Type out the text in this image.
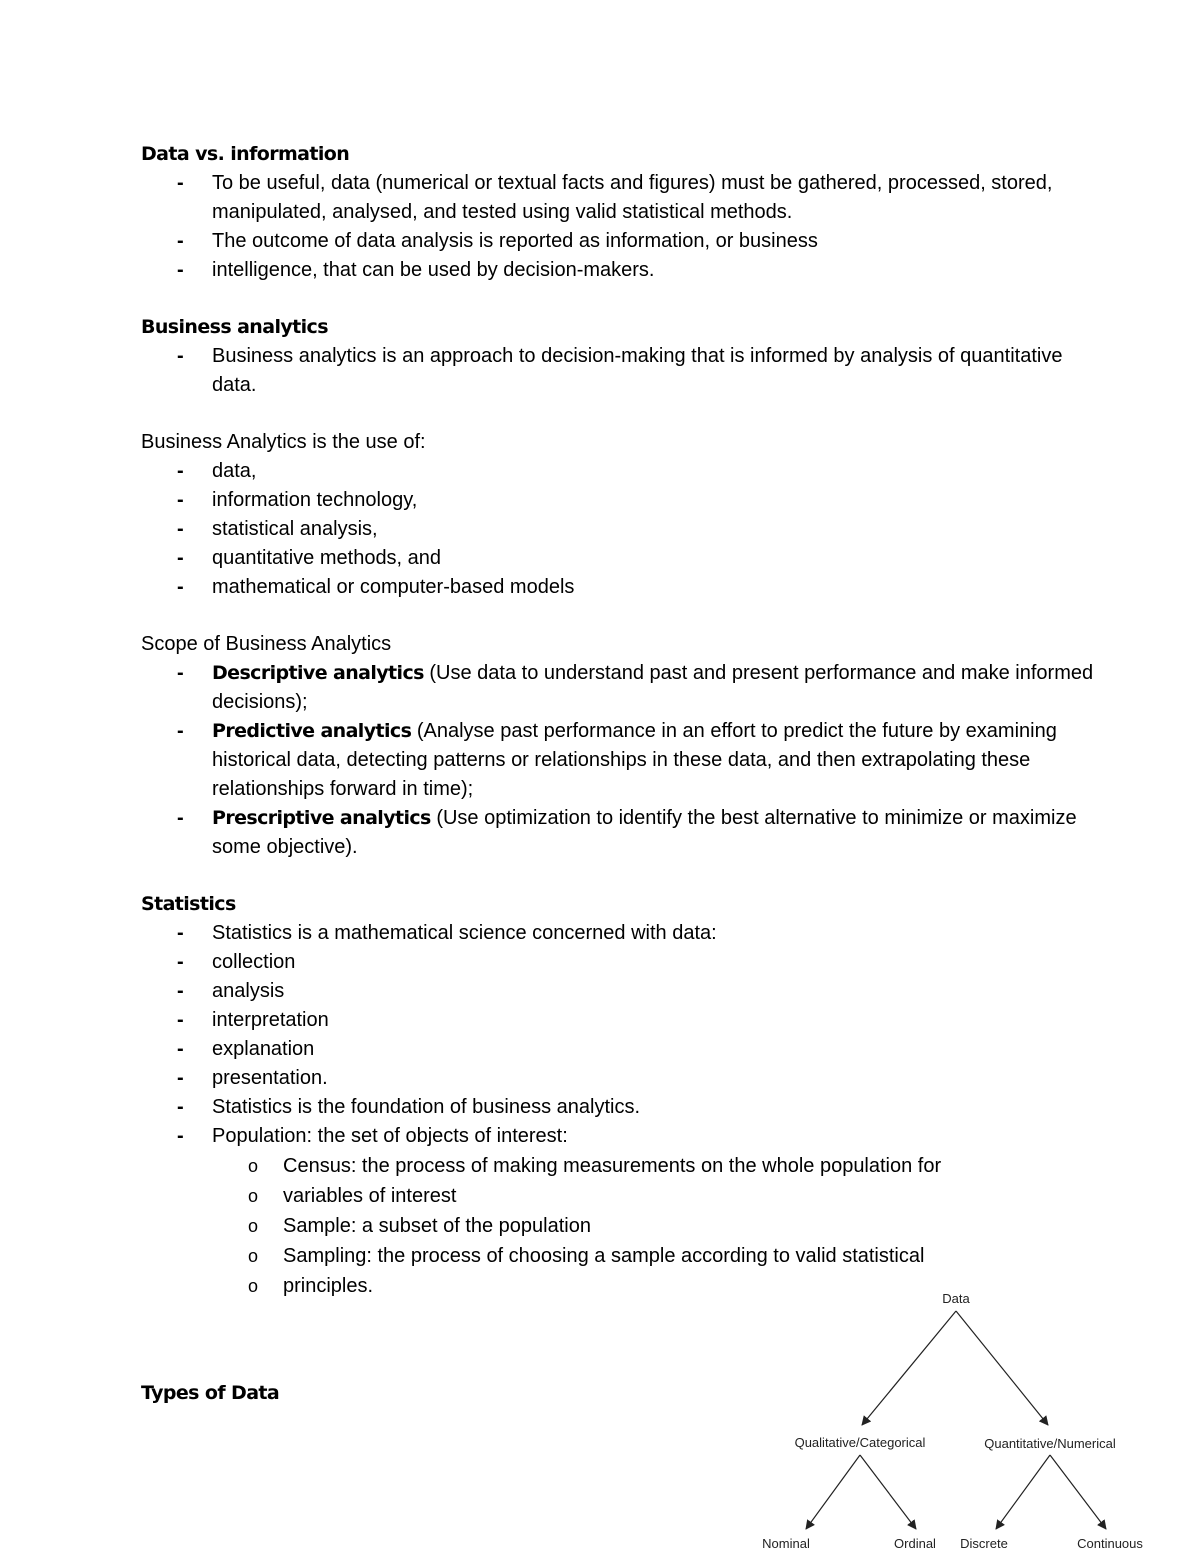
Data vs. information

- To be useful, data (numerical or textual facts and figures) must be gathered, processed, stored, manipulated, analysed, and tested using valid statistical methods.
- The outcome of data analysis is reported as information, or business
- intelligence, that can be used by decision-makers.

Business analytics

- Business analytics is an approach to decision-making that is informed by analysis of quantitative data.

Business Analytics is the use of:

- data,
- information technology,
- statistical analysis,
- quantitative methods, and
- mathematical or computer-based models

Scope of Business Analytics

- Descriptive analytics (Use data to understand past and present performance and make informed decisions);
- Predictive analytics (Analyse past performance in an effort to predict the future by examining historical data, detecting patterns or relationships in these data, and then extrapolating these relationships forward in time);
- Prescriptive analytics (Use optimization to identify the best alternative to minimize or maximize some objective).

Statistics

- Statistics is a mathematical science concerned with data:
- collection
- analysis
- interpretation
- explanation
- presentation.
- Statistics is the foundation of business analytics.
- Population: the set of objects of interest:
o Census: the process of making measurements on the whole population for
o variables of interest
o Sample: a subset of the population
o Sampling: the process of choosing a sample according to valid statistical
o principles.

Types of Data

Data
Qualitative/Categorical	Quantitative/Numerical
Nominal	Ordinal Discrete	Continuous
